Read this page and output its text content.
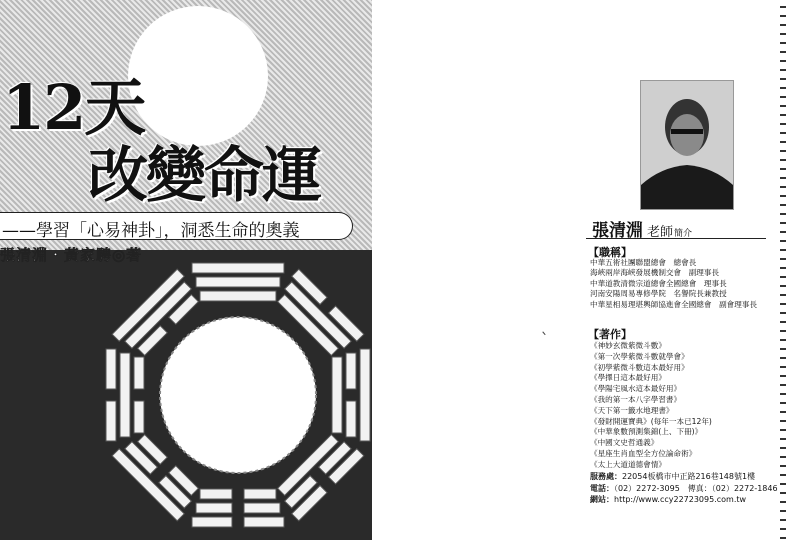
12天
改變命運
——學習「心易神卦」，洞悉生命的奧義
張清淵・黃家騁◎著
張清淵 老師簡介
【職稱】
中華五術社團聯盟總會　總會長
海峽兩岸海峽發展機制交會　副理事長
中華道教清微宗道總會全國總會　理事長
河南安陽周易專修學院　名譽院長兼教授
中華星相易理堪輿師協進會全國總會　副會理事長
【著作】
《神妙玄微紫微斗數》
《第一次學紫微斗數就學會》
《初學紫微斗數這本最好用》
《學擇日這本最好用》
《學陽宅風水這本最好用》
《我的第一本八字學習書》
《天下第一籤水地理書》
《發財開運寶典》(每年一本已12年)
《中華象數預測集錦(上、下冊)》
《中國文史哲通義》
《星座生肖血型全方位論命術》
《太上大道道德會情》
服務處：22054板橋市中正路216巷148號1樓
電話：（02）2272-3095　傳真：（02）2272-1846
網站：http://www.ccy22723095.com.tw
